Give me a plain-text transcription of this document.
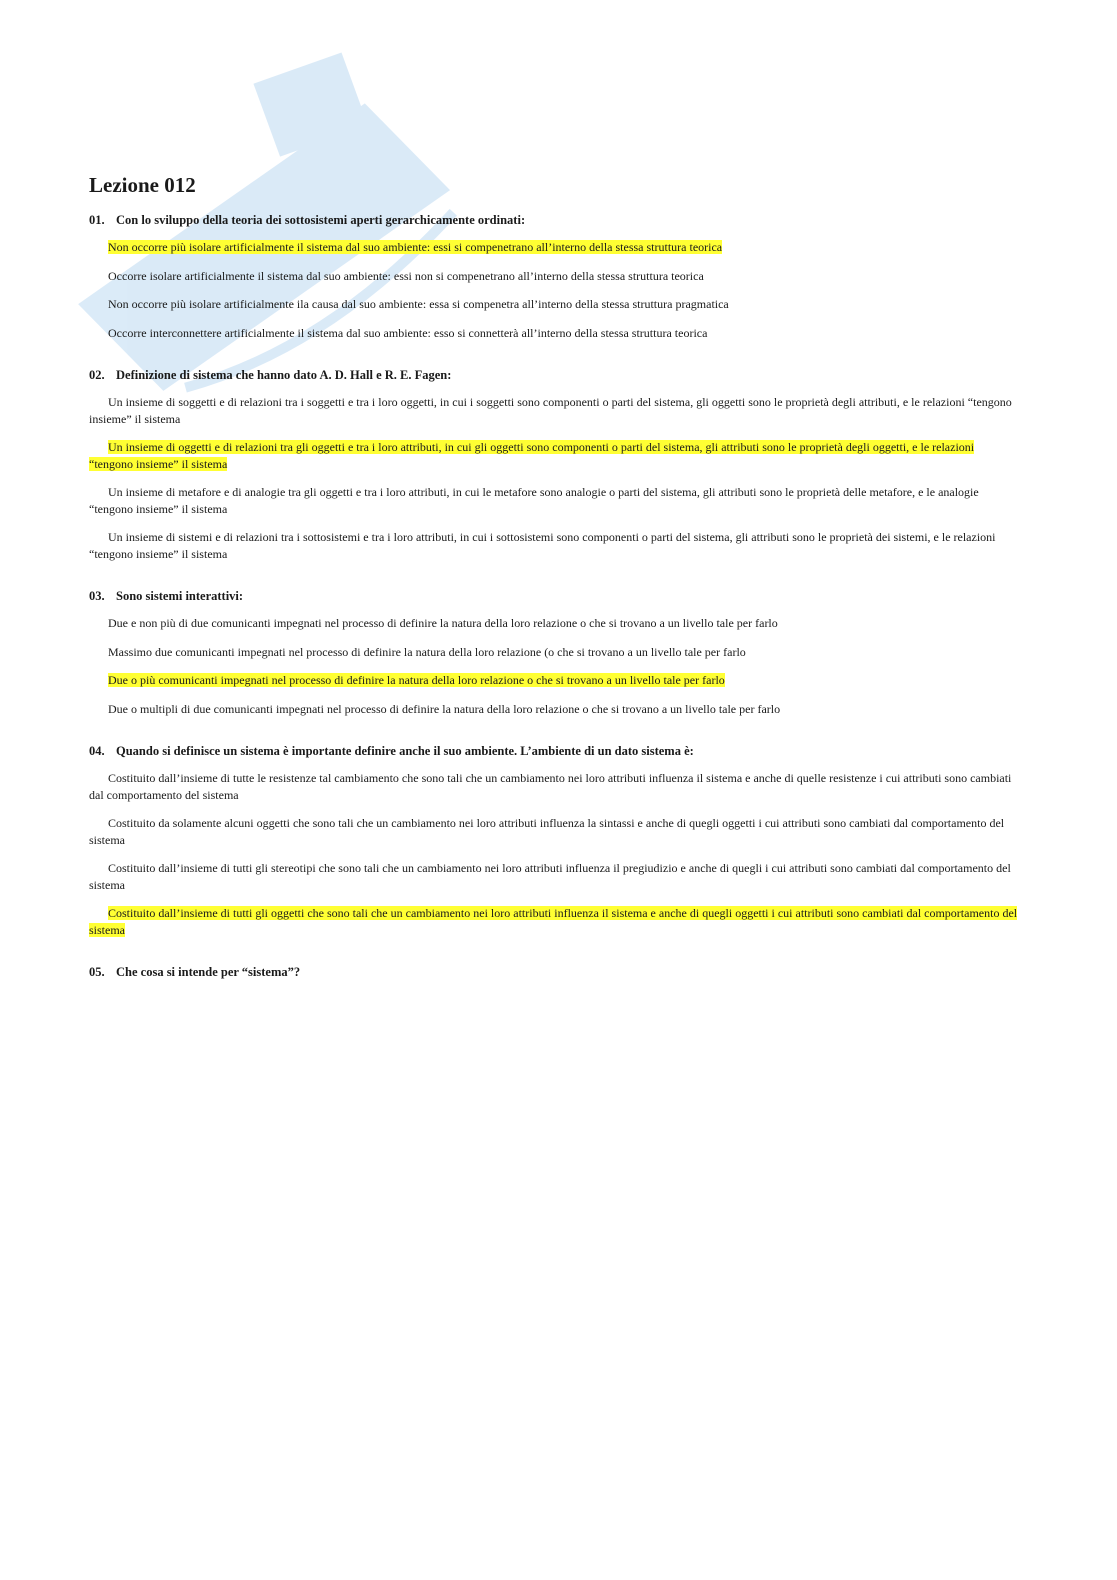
Lezione 012
01. Con lo sviluppo della teoria dei sottosistemi aperti gerarchicamente ordinati:

Non occorre più isolare artificialmente il sistema dal suo ambiente: essi si compenetrano all’interno della stessa struttura teorica

Occorre isolare artificialmente il sistema dal suo ambiente: essi non si compenetrano all’interno della stessa struttura teorica

Non occorre più isolare artificialmente ila causa dal suo ambiente: essa si compenetra all’interno della stessa struttura pragmatica

Occorre interconnettere artificialmente il sistema dal suo ambiente: esso si connetterà all’interno della stessa struttura teorica

02. Definizione di sistema che hanno dato A. D. Hall e R. E. Fagen:

Un insieme di soggetti e di relazioni tra i soggetti e tra i loro oggetti, in cui i soggetti sono componenti o parti del sistema, gli oggetti sono le proprietà degli attributi, e le relazioni “tengono insieme” il sistema

Un insieme di oggetti e di relazioni tra gli oggetti e tra i loro attributi, in cui gli oggetti sono componenti o parti del sistema, gli attributi sono le proprietà degli oggetti, e le relazioni “tengono insieme” il sistema

Un insieme di metafore e di analogie tra gli oggetti e tra i loro attributi, in cui le metafore sono analogie o parti del sistema, gli attributi sono le proprietà delle metafore, e le analogie “tengono insieme” il sistema

Un insieme di sistemi e di relazioni tra i sottosistemi e tra i loro attributi, in cui i sottosistemi sono componenti o parti del sistema, gli attributi sono le proprietà dei sistemi, e le relazioni “tengono insieme” il sistema

03. Sono sistemi interattivi:

Due e non più di due comunicanti impegnati nel processo di definire la natura della loro relazione o che si trovano a un livello tale per farlo

Massimo due comunicanti impegnati nel processo di definire la natura della loro relazione (o che si trovano a un livello tale per farlo

Due o più comunicanti impegnati nel processo di definire la natura della loro relazione o che si trovano a un livello tale per farlo

Due o multipli di due comunicanti impegnati nel processo di definire la natura della loro relazione o che si trovano a un livello tale per farlo

04. Quando si definisce un sistema è importante definire anche il suo ambiente. L’ambiente di un dato sistema è:

Costituito dall’insieme di tutte le resistenze tal cambiamento che sono tali che un cambiamento nei loro attributi influenza il sistema e anche di quelle resistenze i cui attributi sono cambiati dal comportamento del sistema

Costituito da solamente alcuni oggetti che sono tali che un cambiamento nei loro attributi influenza la sintassi e anche di quegli oggetti i cui attributi sono cambiati dal comportamento del sistema

Costituito dall’insieme di tutti gli stereotipi che sono tali che un cambiamento nei loro attributi influenza il pregiudizio e anche di quegli i cui attributi sono cambiati dal comportamento del sistema

Costituito dall’insieme di tutti gli oggetti che sono tali che un cambiamento nei loro attributi influenza il sistema e anche di quegli oggetti i cui attributi sono cambiati dal comportamento del sistema

05. Che cosa si intende per “sistema”?
